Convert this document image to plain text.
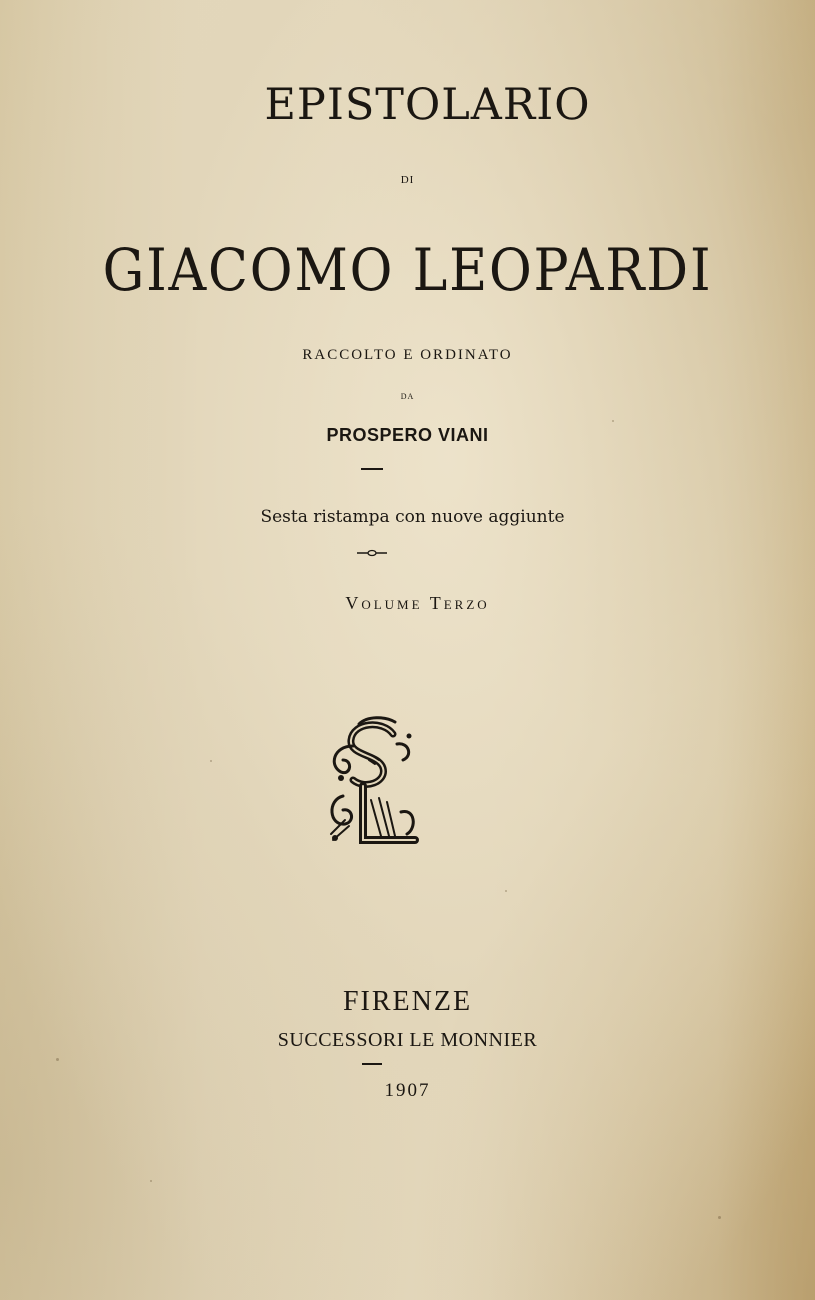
EPISTOLARIO
DI
GIACOMO LEOPARDI
RACCOLTO E ORDINATO
DA
PROSPERO VIANI
Sesta ristampa con nuove aggiunte
Volume Terzo
FIRENZE
SUCCESSORI LE MONNIER
1907
